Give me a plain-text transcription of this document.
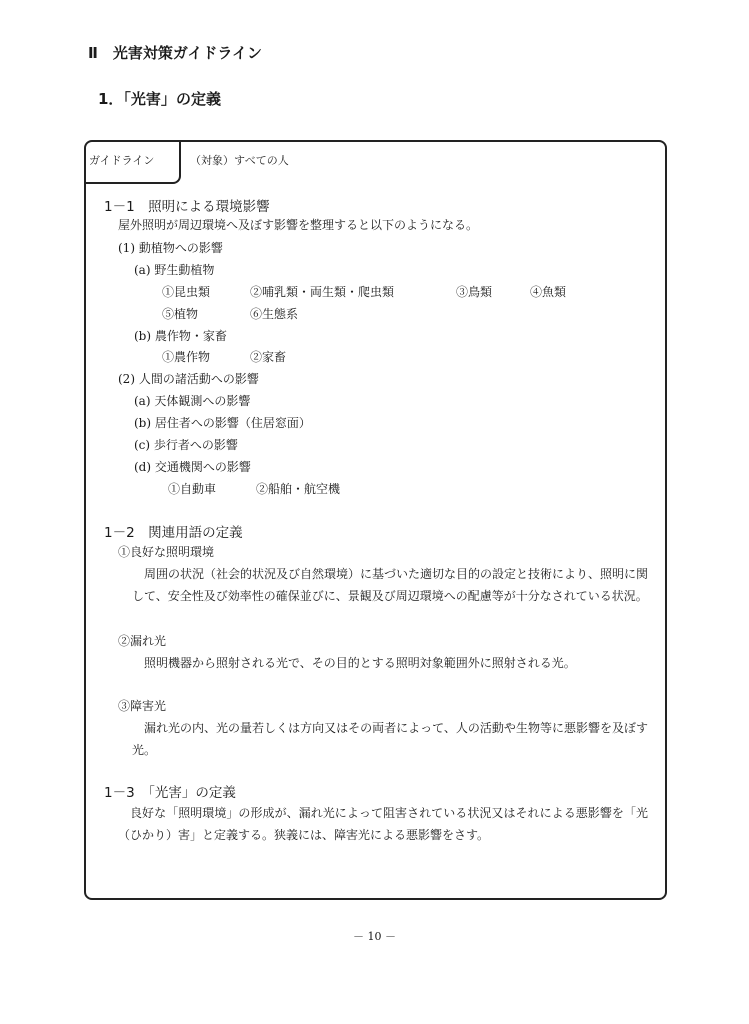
Ⅱ　光害対策ガイドライン
1．「光害」の定義
ガイドライン	（対象）すべての人
1－1　照明による環境影響
屋外照明が周辺環境へ及ぼす影響を整理すると以下のようになる。
(1) 動植物への影響
(a) 野生動植物
①昆虫類	②哺乳類・両生類・爬虫類	③鳥類	④魚類
⑤植物	⑥生態系
(b) 農作物・家畜
①農作物	②家畜
(2) 人間の諸活動への影響
(a) 天体観測への影響
(b) 居住者への影響（住居窓面）
(c) 歩行者への影響
(d) 交通機関への影響
①自動車	②船舶・航空機
1－2　関連用語の定義
①良好な照明環境
周囲の状況（社会的状況及び自然環境）に基づいた適切な目的の設定と技術により、照明に関して、安全性及び効率性の確保並びに、景観及び周辺環境への配慮等が十分なされている状況。
②漏れ光
照明機器から照射される光で、その目的とする照明対象範囲外に照射される光。
③障害光
漏れ光の内、光の量若しくは方向又はその両者によって、人の活動や生物等に悪影響を及ぼす光。
1－3　「光害」の定義
良好な「照明環境」の形成が、漏れ光によって阻害されている状況又はそれによる悪影響を「光（ひかり）害」と定義する。狭義には、障害光による悪影響をさす。
－ 10 －
